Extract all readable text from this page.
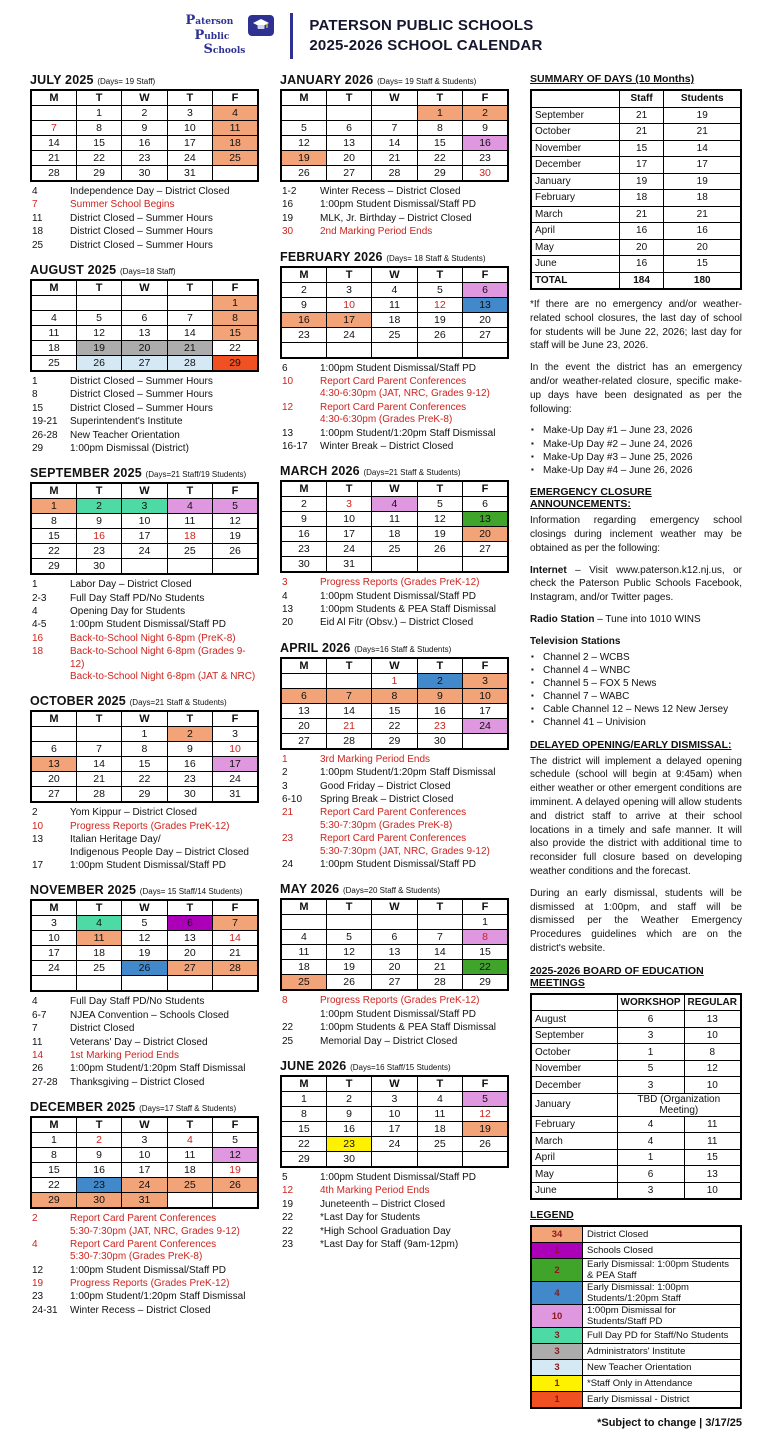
Paterson
Public
Schools
PATERSON PUBLIC SCHOOLS
2025-2026 SCHOOL CALENDAR
JULY 2025 (Days= 19 Staff)
M	T	W	T	F
	1	2	3	4
7	8	9	10	11
14	15	16	17	18
21	22	23	24	25
28	29	30	31	
4	Independence Day – District Closed
7	Summer School Begins
11	District Closed – Summer Hours
18	District Closed – Summer Hours
25	District Closed – Summer Hours
AUGUST 2025 (Days=18 Staff)
M	T	W	T	F
				1
4	5	6	7	8
11	12	13	14	15
18	19	20	21	22
25	26	27	28	29
1	District Closed – Summer Hours
8	District Closed – Summer Hours
15	District Closed – Summer Hours
19-21	Superintendent's Institute
26-28	New Teacher Orientation
29	1:00pm Dismissal (District)
SEPTEMBER 2025 (Days=21 Staff/19 Students)
M	T	W	T	F
1	2	3	4	5
8	9	10	11	12
15	16	17	18	19
22	23	24	25	26
29	30			
1	Labor Day – District Closed
2-3	Full Day Staff PD/No Students
4	Opening Day for Students
4-5	1:00pm Student Dismissal/Staff PD
16	Back-to-School Night 6-8pm (PreK-8)
18	Back-to-School Night 6-8pm (Grades 9-12)
Back-to-School Night 6-8pm (JAT & NRC)
OCTOBER 2025 (Days=21 Staff & Students)
M	T	W	T	F
		1	2	3
6	7	8	9	10
13	14	15	16	17
20	21	22	23	24
27	28	29	30	31
2	Yom Kippur – District Closed
10	Progress Reports (Grades PreK-12)
13	Italian Heritage Day/
Indigenous People Day – District Closed
17	1:00pm Student Dismissal/Staff PD
NOVEMBER 2025 (Days= 15 Staff/14 Students)
M	T	W	T	F
3	4	5	6	7
10	11	12	13	14
17	18	19	20	21
24	25	26	27	28

4	Full Day Staff PD/No Students
6-7	NJEA Convention – Schools Closed
7	District Closed
11	Veterans' Day – District Closed
14	1st Marking Period Ends
26	1:00pm Student/1:20pm Staff Dismissal
27-28	Thanksgiving – District Closed
DECEMBER 2025 (Days=17 Staff & Students)
M	T	W	T	F
1	2	3	4	5
8	9	10	11	12
15	16	17	18	19
22	23	24	25	26
29	30	31		
2	Report Card Parent Conferences
5:30-7:30pm (JAT, NRC, Grades 9-12)
4	Report Card Parent Conferences
5:30-7:30pm (Grades PreK-8)
12	1:00pm Student Dismissal/Staff PD
19	Progress Reports (Grades PreK-12)
23	1:00pm Student/1:20pm Staff Dismissal
24-31	Winter Recess – District Closed
JANUARY 2026 (Days= 19 Staff & Students)
M	T	W	T	F
			1	2
5	6	7	8	9
12	13	14	15	16
19	20	21	22	23
26	27	28	29	30
1-2	Winter Recess – District Closed
16	1:00pm Student Dismissal/Staff PD
19	MLK, Jr. Birthday – District Closed
30	2nd Marking Period Ends
FEBRUARY 2026 (Days= 18 Staff & Students)
M	T	W	T	F
2	3	4	5	6
9	10	11	12	13
16	17	18	19	20
23	24	25	26	27

6	1:00pm Student Dismissal/Staff PD
10	Report Card Parent Conferences
4:30-6:30pm (JAT, NRC, Grades 9-12)
12	Report Card Parent Conferences
4:30-6:30pm (Grades PreK-8)
13	1:00pm Student/1:20pm Staff Dismissal
16-17	Winter Break – District Closed
MARCH 2026 (Days=21 Staff & Students)
M	T	W	T	F
2	3	4	5	6
9	10	11	12	13
16	17	18	19	20
23	24	25	26	27
30	31			
3	Progress Reports (Grades PreK-12)
4	1:00pm Student Dismissal/Staff PD
13	1:00pm Students & PEA Staff Dismissal
20	Eid Al Fitr (Obsv.) – District Closed
APRIL 2026 (Days=16 Staff & Students)
M	T	W	T	F
		1	2	3
6	7	8	9	10
13	14	15	16	17
20	21	22	23	24
27	28	29	30	
1	3rd Marking Period Ends
2	1:00pm Student/1:20pm Staff Dismissal
3	Good Friday – District Closed
6-10	Spring Break – District Closed
21	Report Card Parent Conferences
5:30-7:30pm (Grades PreK-8)
23	Report Card Parent Conferences
5:30-7:30pm (JAT, NRC, Grades 9-12)
24	1:00pm Student Dismissal/Staff PD
MAY 2026 (Days=20 Staff & Students)
M	T	W	T	F
				1
4	5	6	7	8
11	12	13	14	15
18	19	20	21	22
25	26	27	28	29
8	Progress Reports (Grades PreK-12)
1:00pm Student Dismissal/Staff PD
22	1:00pm Students & PEA Staff Dismissal
25	Memorial Day – District Closed
JUNE 2026 (Days=16 Staff/15 Students)
M	T	W	T	F
1	2	3	4	5
8	9	10	11	12
15	16	17	18	19
22	23	24	25	26
29	30			
5	1:00pm Student Dismissal/Staff PD
12	4th Marking Period Ends
19	Juneteenth – District Closed
22	*Last Day for Students
22	*High School Graduation Day
23	*Last Day for Staff (9am-12pm)
SUMMARY OF DAYS (10 Months)
	Staff	Students
September	21	19
October	21	21
November	15	14
December	17	17
January	19	19
February	18	18
March	21	21
April	16	16
May	20	20
June	16	15
TOTAL	184	180

*If there are no emergency and/or weather-related school closures, the last day of school for students will be June 22, 2026; last day for staff will be June 23, 2026.

In the event the district has an emergency and/or weather-related closure, specific make-up days have been designated as per the following:

▪ Make-Up Day #1 – June 23, 2026
▪ Make-Up Day #2 – June 24, 2026
▪ Make-Up Day #3 – June 25, 2026
▪ Make-Up Day #4 – June 26, 2026
EMERGENCY CLOSURE ANNOUNCEMENTS:

Information regarding emergency school closings during inclement weather may be obtained as per the following:

Internet – Visit www.paterson.k12.nj.us, or check the Paterson Public Schools Facebook, Instagram, and/or Twitter pages.

Radio Station – Tune into 1010 WINS

Television Stations
▪ Channel 2 – WCBS
▪ Channel 4 – WNBC
▪ Channel 5 – FOX 5 News
▪ Channel 7 – WABC
▪ Cable Channel 12 – News 12 New Jersey
▪ Channel 41 – Univision
DELAYED OPENING/EARLY DISMISSAL:

The district will implement a delayed opening schedule (school will begin at 9:45am) when either weather or other emergent conditions are imminent. A delayed opening will allow students and district staff to arrive at their school locations in a timely and safe manner. It will also provide the district with additional time to reconsider full closure based on developing weather conditions and the forecast.

During an early dismissal, students will be dismissed at 1:00pm, and staff will be dismissed per the Weather Emergency Procedures guidelines which are on the district's website.

2025-2026 BOARD OF EDUCATION MEETINGS
	WORKSHOP	REGULAR
August	6	13
September	3	10
October	1	8
November	5	12
December	3	10
January	TBD (Organization Meeting)	
February	4	11
March	4	11
April	1	15
May	6	13
June	3	10
LEGEND
34	District Closed
1	Schools Closed
2	Early Dismissal: 1:00pm Students & PEA Staff
4	Early Dismissal: 1:00pm Students/1:20pm Staff
10	1:00pm Dismissal for Students/Staff PD
3	Full Day PD for Staff/No Students
3	Administrators' Institute
3	New Teacher Orientation
1	*Staff Only in Attendance
1	Early Dismissal - District
*Subject to change | 3/17/25
